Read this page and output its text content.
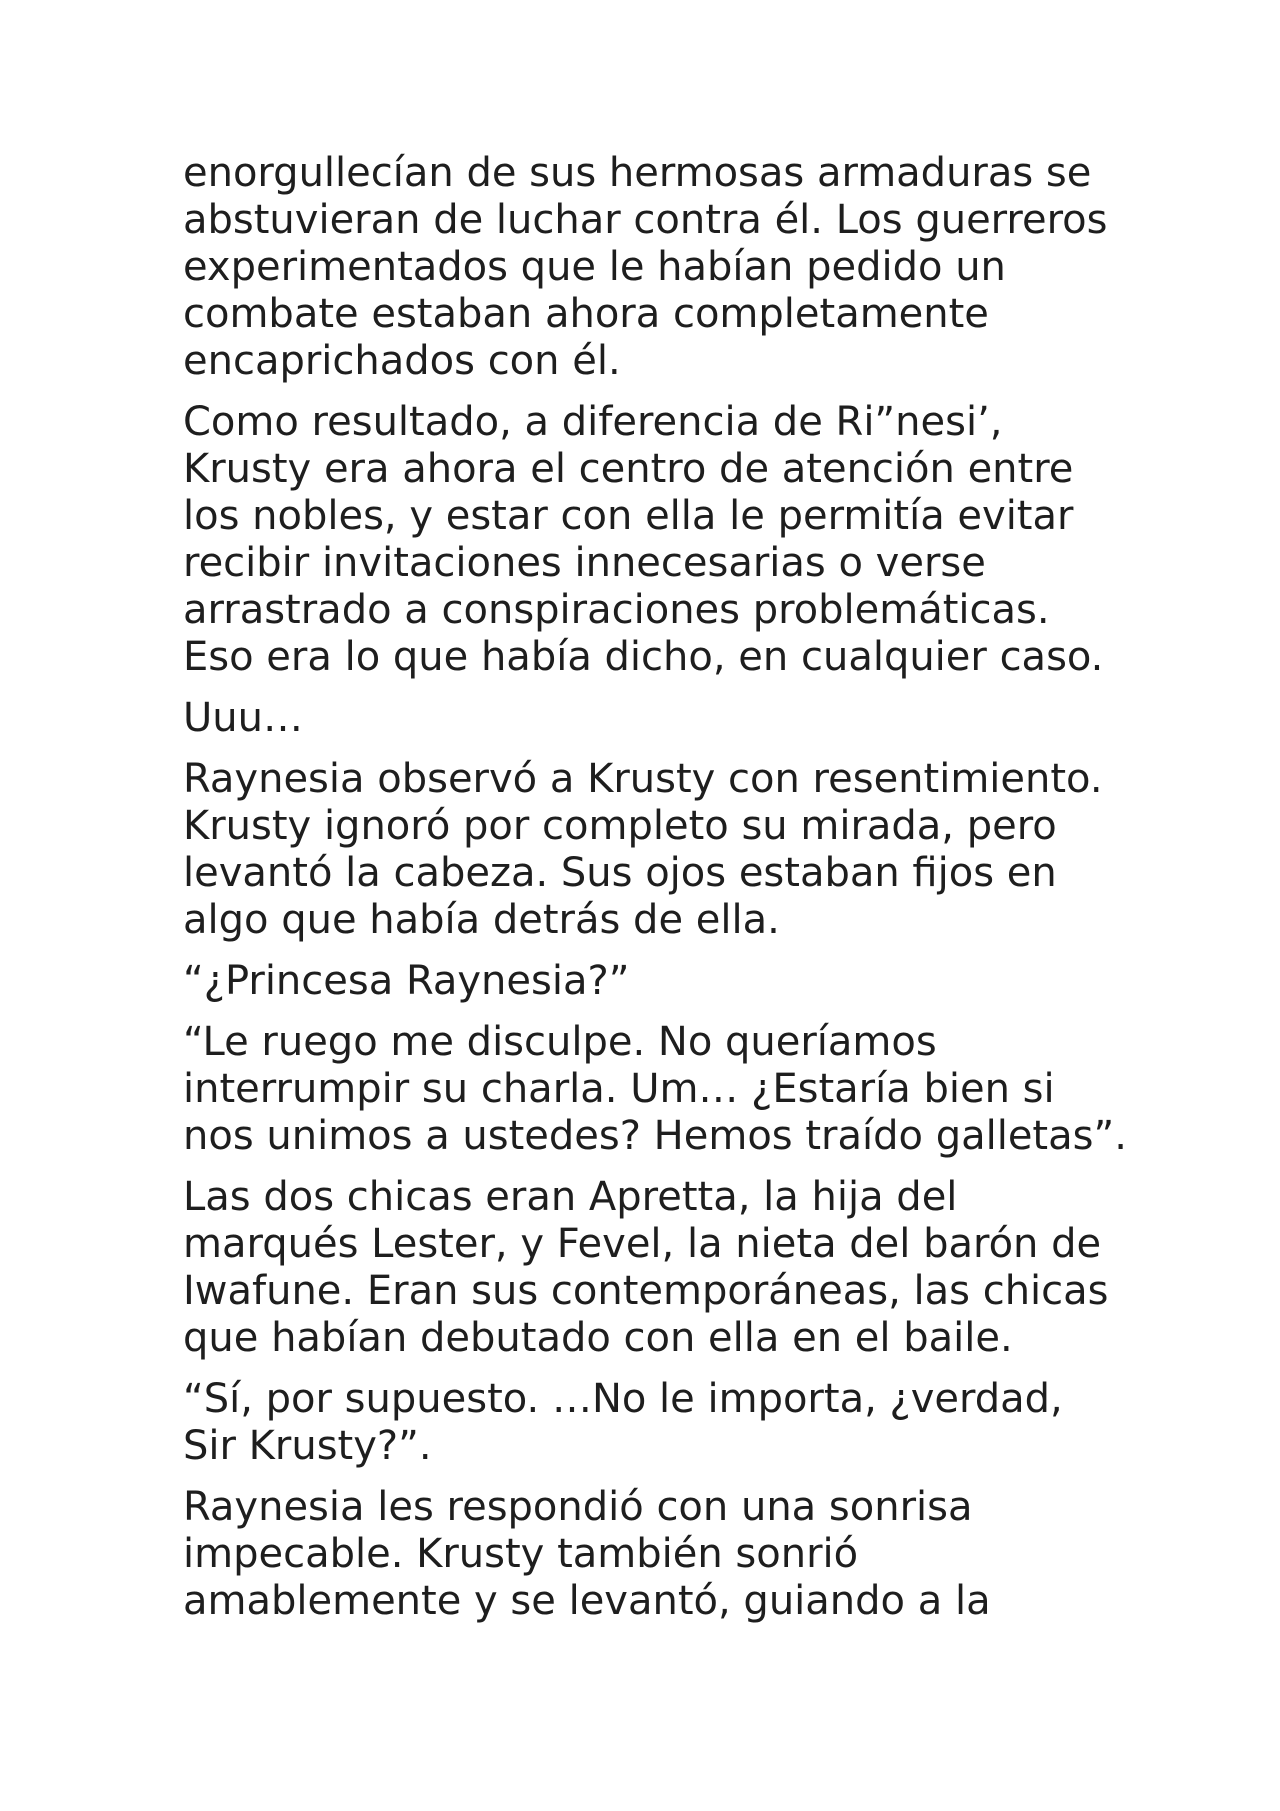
enorgullecían de sus hermosas armaduras se
abstuvieran de luchar contra él. Los guerreros
experimentados que le habían pedido un
combate estaban ahora completamente
encaprichados con él.

Como resultado, a diferencia de Ri”nesi’,
Krusty era ahora el centro de atención entre
los nobles, y estar con ella le permitía evitar
recibir invitaciones innecesarias o verse
arrastrado a conspiraciones problemáticas.
Eso era lo que había dicho, en cualquier caso.

Uuu…

Raynesia observó a Krusty con resentimiento.
Krusty ignoró por completo su mirada, pero
levantó la cabeza. Sus ojos estaban fijos en
algo que había detrás de ella.

“¿Princesa Raynesia?”

“Le ruego me disculpe. No queríamos
interrumpir su charla. Um… ¿Estaría bien si
nos unimos a ustedes? Hemos traído galletas”.

Las dos chicas eran Apretta, la hija del
marqués Lester, y Fevel, la nieta del barón de
Iwafune. Eran sus contemporáneas, las chicas
que habían debutado con ella en el baile.

“Sí, por supuesto. …No le importa, ¿verdad,
Sir Krusty?”.

Raynesia les respondió con una sonrisa
impecable. Krusty también sonrió
amablemente y se levantó, guiando a la
